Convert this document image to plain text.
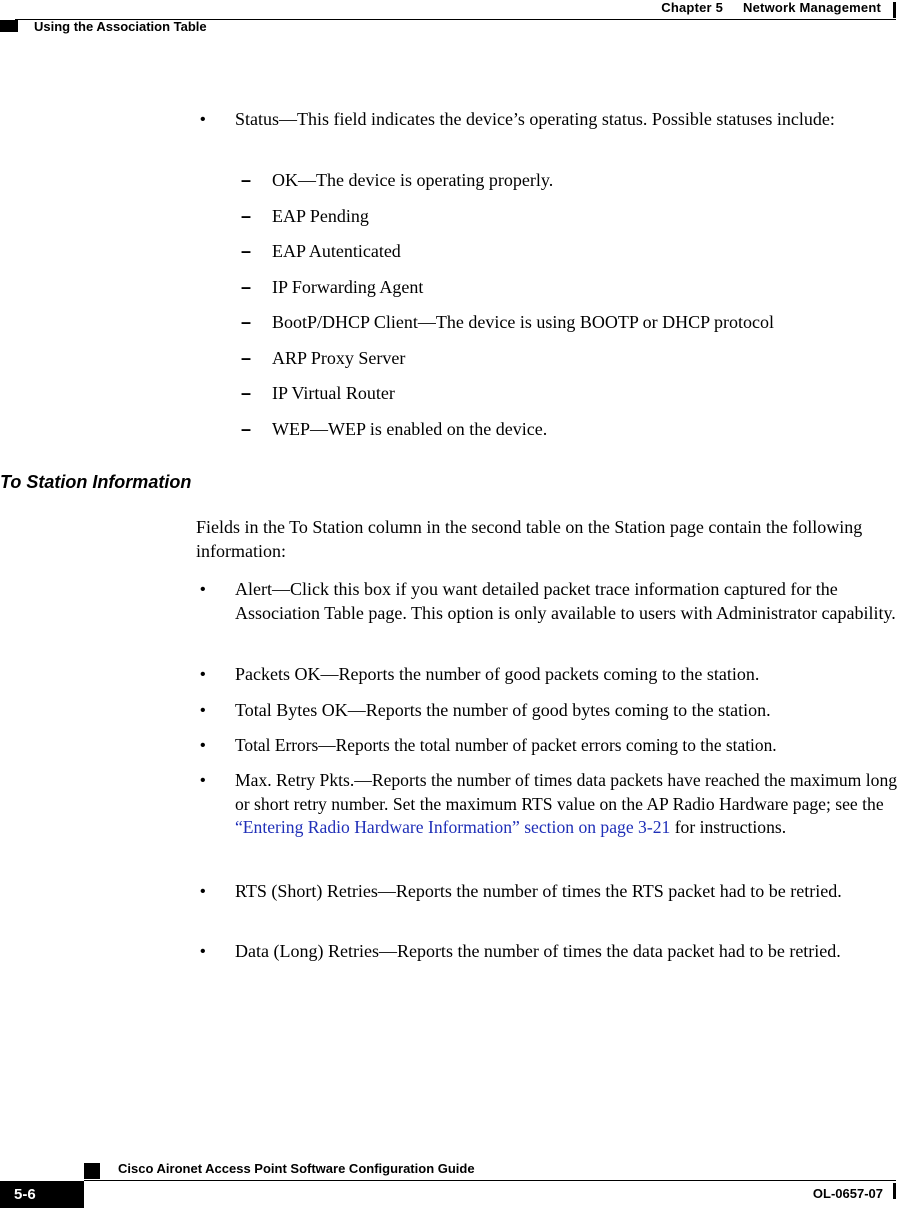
Chapter 5 Network Management
Using the Association Table
• Status—This field indicates the device’s operating status. Possible statuses include:
– OK—The device is operating properly.
– EAP Pending
– EAP Autenticated
– IP Forwarding Agent
– BootP/DHCP Client—The device is using BOOTP or DHCP protocol
– ARP Proxy Server
– IP Virtual Router
– WEP—WEP is enabled on the device.
To Station Information
Fields in the To Station column in the second table on the Station page contain the following information:
• Alert—Click this box if you want detailed packet trace information captured for the Association Table page. This option is only available to users with Administrator capability.
• Packets OK—Reports the number of good packets coming to the station.
• Total Bytes OK—Reports the number of good bytes coming to the station.
• Total Errors—Reports the total number of packet errors coming to the station.
• Max. Retry Pkts.—Reports the number of times data packets have reached the maximum long or short retry number. Set the maximum RTS value on the AP Radio Hardware page; see the “Entering Radio Hardware Information” section on page 3-21 for instructions.
• RTS (Short) Retries—Reports the number of times the RTS packet had to be retried.
• Data (Long) Retries—Reports the number of times the data packet had to be retried.
Cisco Aironet Access Point Software Configuration Guide
5-6	OL-0657-07
